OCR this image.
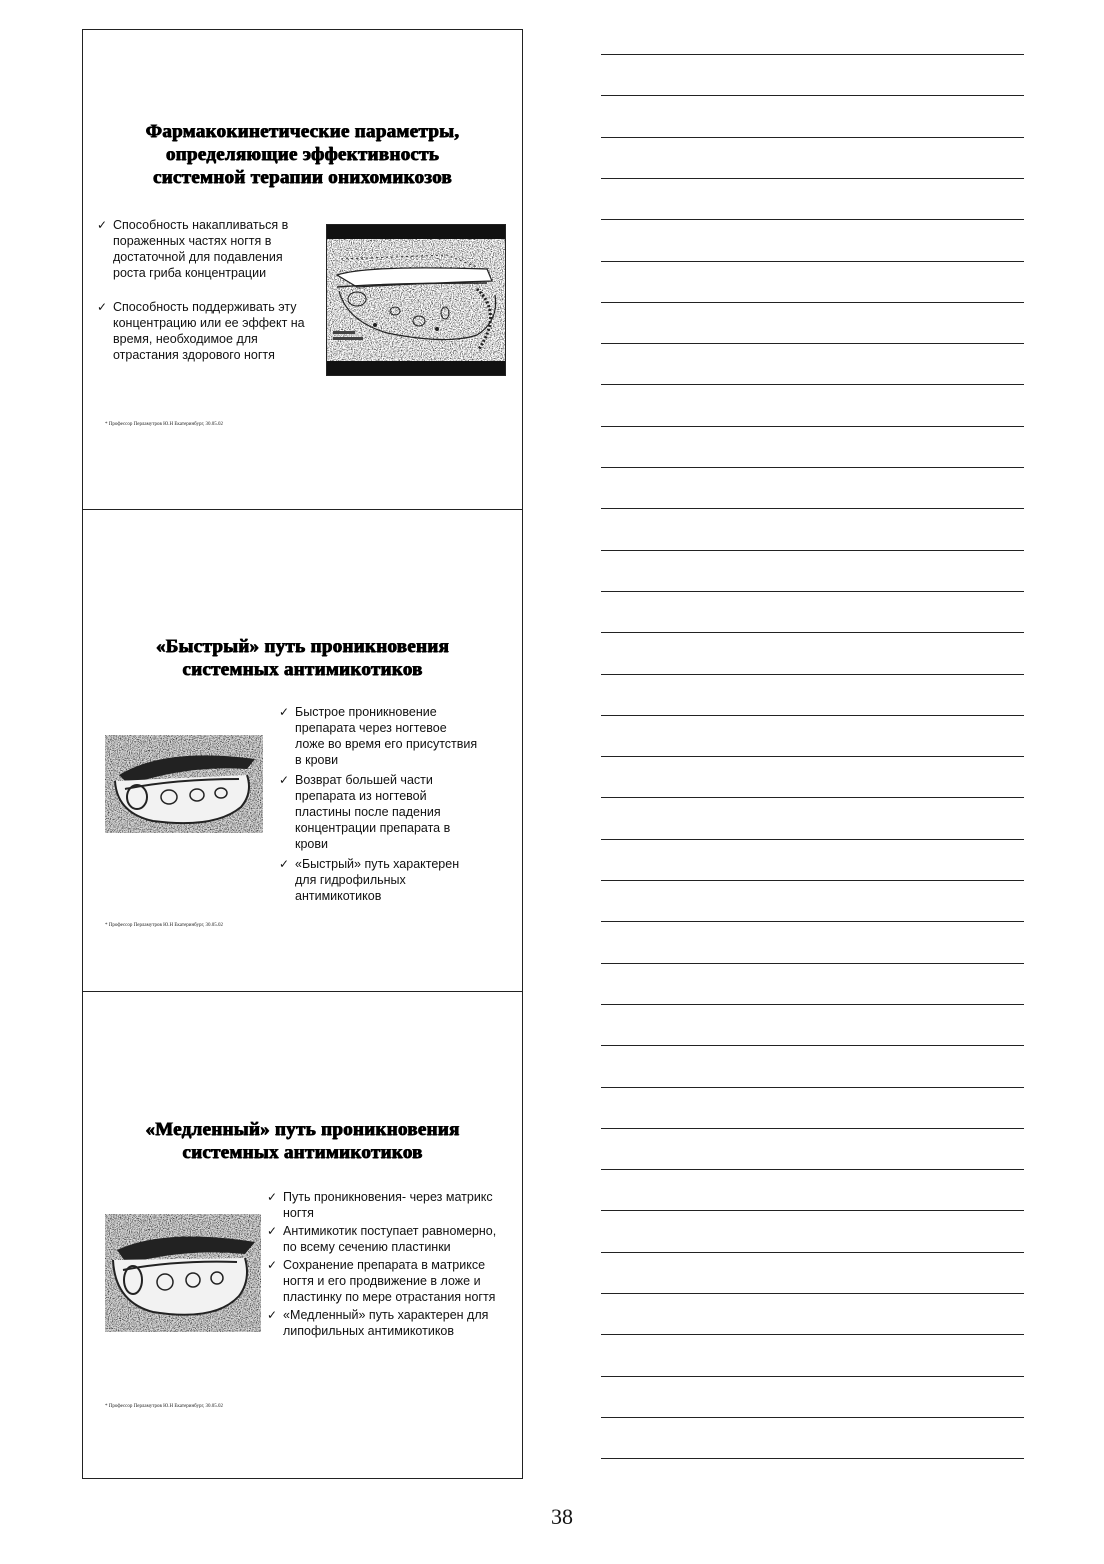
Фармакокинетические параметры,
определяющие эффективность
системной терапии онихомикозов
✓ Способность накапливаться в пораженных частях ногтя в достаточной для подавления роста гриба концентрации
✓ Способность поддерживать эту концентрацию или ее эффект на время, необходимое для отрастания здорового ногтя
* Профессор Перламутров Ю.Н Екатеринбург, 30.05.02
«Быстрый» путь проникновения
системных антимикотиков
✓ Быстрое проникновение препарата через ногтевое ложе во время его присутствия в крови
✓ Возврат большей части препарата из ногтевой пластины после падения концентрации препарата в крови
✓ «Быстрый» путь характерен для гидрофильных антимикотиков
* Профессор Перламутров Ю.Н Екатеринбург, 30.05.02
«Медленный» путь проникновения
системных антимикотиков
✓ Путь проникновения- через матрикс ногтя
✓ Антимикотик поступает равномерно, по всему сечению пластинки
✓ Сохранение препарата в матриксе ногтя и его продвижение в ложе и пластинку по мере отрастания ногтя
✓ «Медленный» путь характерен для липофильных антимикотиков
* Профессор Перламутров Ю.Н Екатеринбург, 30.05.02
38
